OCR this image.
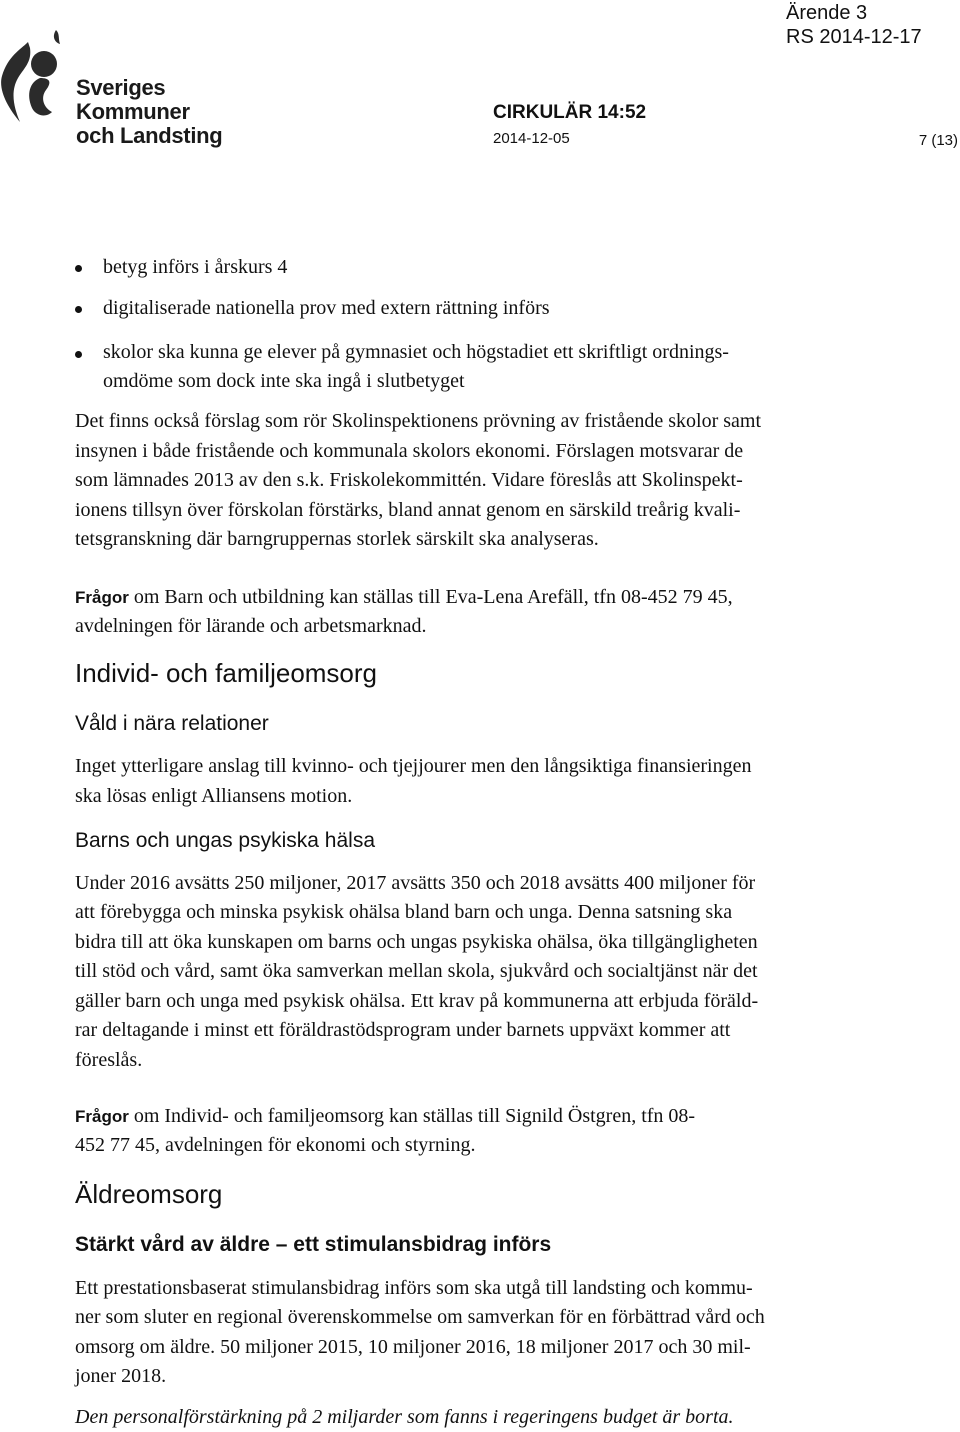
Sveriges
Kommuner
och Landsting
Ärende 3
RS 2014-12-17
CIRKULÄR 14:52
2014-12-05	7 (13)
betyg införs i årskurs 4
digitaliserade nationella prov med extern rättning införs
skolor ska kunna ge elever på gymnasiet och högstadiet ett skriftligt ordnings-
omdöme som dock inte ska ingå i slutbetyget
Det finns också förslag som rör Skolinspektionens prövning av fristående skolor samt
insynen i både fristående och kommunala skolors ekonomi. Förslagen motsvarar de
som lämnades 2013 av den s.k. Friskolekommittén. Vidare föreslås att Skolinspekt-
ionens tillsyn över förskolan förstärks, bland annat genom en särskild treårig kvali-
tetsgranskning där barngruppernas storlek särskilt ska analyseras.
Frågor om Barn och utbildning kan ställas till Eva-Lena Arefäll, tfn 08-452 79 45,
avdelningen för lärande och arbetsmarknad.
Individ- och familjeomsorg
Våld i nära relationer
Inget ytterligare anslag till kvinno- och tjejjourer men den långsiktiga finansieringen
ska lösas enligt Alliansens motion.
Barns och ungas psykiska hälsa
Under 2016 avsätts 250 miljoner, 2017 avsätts 350 och 2018 avsätts 400 miljoner för
att förebygga och minska psykisk ohälsa bland barn och unga. Denna satsning ska
bidra till att öka kunskapen om barns och ungas psykiska ohälsa, öka tillgängligheten
till stöd och vård, samt öka samverkan mellan skola, sjukvård och socialtjänst när det
gäller barn och unga med psykisk ohälsa. Ett krav på kommunerna att erbjuda föräld-
rar deltagande i minst ett föräldrastödsprogram under barnets uppväxt kommer att
föreslås.
Frågor om Individ- och familjeomsorg kan ställas till Signild Östgren, tfn 08-
452 77 45, avdelningen för ekonomi och styrning.
Äldreomsorg
Stärkt vård av äldre – ett stimulansbidrag införs
Ett prestationsbaserat stimulansbidrag införs som ska utgå till landsting och kommu-
ner som sluter en regional överenskommelse om samverkan för en förbättrad vård och
omsorg om äldre. 50 miljoner 2015, 10 miljoner 2016, 18 miljoner 2017 och 30 mil-
joner 2018.
Den personalförstärkning på 2 miljarder som fanns i regeringens budget är borta.
